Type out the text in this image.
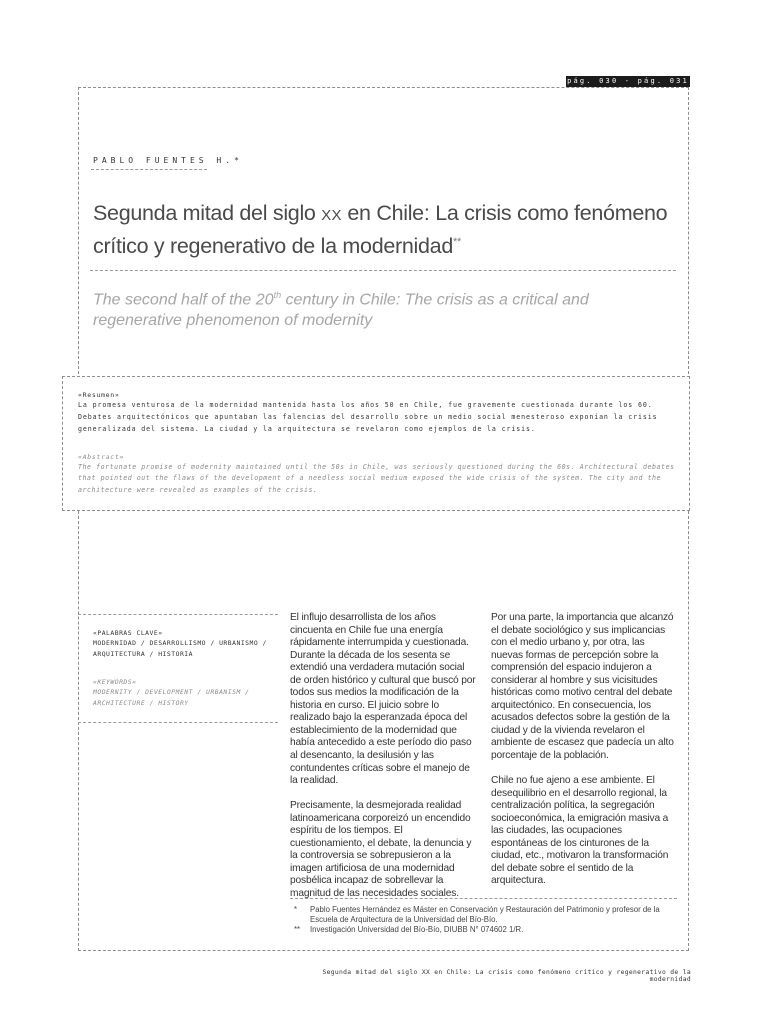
pág. 030 - pág. 031
PABLO FUENTES H.*
Segunda mitad del siglo XX en Chile: La crisis como fenómeno crítico y regenerativo de la modernidad**
The second half of the 20th century in Chile: The crisis as a critical and regenerative phenomenon of modernity
«Resumen»
La promesa venturosa de la modernidad mantenida hasta los años 50 en Chile, fue gravemente cuestionada durante los 60. Debates arquitectónicos que apuntaban las falencias del desarrollo sobre un medio social menesteroso exponían la crisis generalizada del sistema. La ciudad y la arquitectura se revelaron como ejemplos de la crisis.
«Abstract»
The fortunate promise of modernity maintained until the 50s in Chile, was seriously questioned during the 60s. Architectural debates that pointed out the flaws of the development of a needless social medium exposed the wide crisis of the system. The city and the architecture were revealed as examples of the crisis.
«PALABRAS CLAVE»
MODERNIDAD / DESARROLLISMO / URBANISMO / ARQUITECTURA / HISTORIA
«KEYWORDS»
MODERNITY / DEVELOPMENT / URBANISM / ARCHITECTURE / HISTORY

El influjo desarrollista de los años cincuenta en Chile fue una energía rápidamente interrumpida y cuestionada. Durante la década de los sesenta se extendió una verdadera mutación social de orden histórico y cultural que buscó por todos sus medios la modificación de la historia en curso. El juicio sobre lo realizado bajo la esperanzada época del establecimiento de la modernidad que había antecedido a este período dio paso al desencanto, la desilusión y las contundentes críticas sobre el manejo de la realidad.

Precisamente, la desmejorada realidad latinoamericana corporeizó un encendido espíritu de los tiempos. El cuestionamiento, el debate, la denuncia y la controversia se sobrepusieron a la imagen artificiosa de una modernidad posbélica incapaz de sobrellevar la magnitud de las necesidades sociales.

Por una parte, la importancia que alcanzó el debate sociológico y sus implicancias con el medio urbano y, por otra, las nuevas formas de percepción sobre la comprensión del espacio indujeron a considerar al hombre y sus vicisitudes históricas como motivo central del debate arquitectónico. En consecuencia, los acusados defectos sobre la gestión de la ciudad y de la vivienda revelaron el ambiente de escasez que padecía un alto porcentaje de la población.

Chile no fue ajeno a ese ambiente. El desequilibrio en el desarrollo regional, la centralización política, la segregación socioeconómica, la emigración masiva a las ciudades, las ocupaciones espontáneas de los cinturones de la ciudad, etc., motivaron la transformación del debate sobre el sentido de la arquitectura.

*	Pablo Fuentes Hernández es Máster en Conservación y Restauración del Patrimonio y profesor de la Escuela de Arquitectura de la Universidad del Bío-Bío.
**	Investigación Universidad del Bío-Bío, DIUBB N° 074602 1/R.
Segunda mitad del siglo XX en Chile: La crisis como fenómeno crítico y regenerativo de la modernidad
